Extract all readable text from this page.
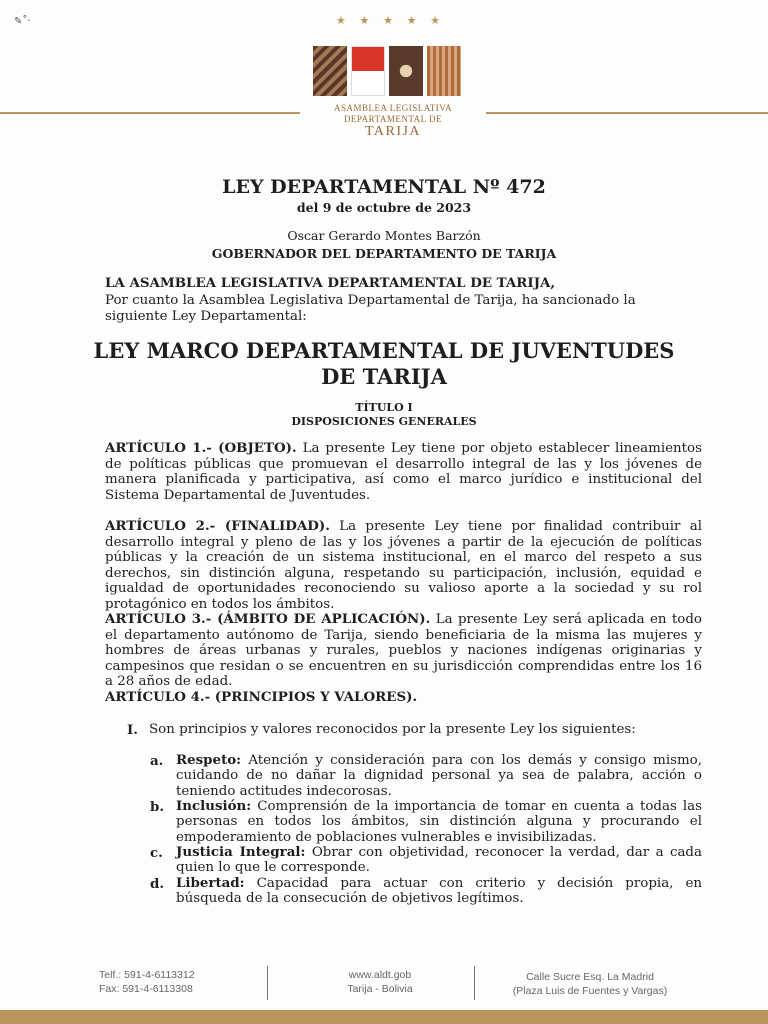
✎˚·	★ ★ ★ ★ ★
ASAMBLEA LEGISLATIVA
DEPARTAMENTAL DE
TARIJA
LEY DEPARTAMENTAL Nº 472
del 9 de octubre de 2023
Oscar Gerardo Montes Barzón
GOBERNADOR DEL DEPARTAMENTO DE TARIJA
LA ASAMBLEA LEGISLATIVA DEPARTAMENTAL DE TARIJA,
Por cuanto la Asamblea Legislativa Departamental de Tarija, ha sancionado la siguiente Ley Departamental:
LEY MARCO DEPARTAMENTAL DE JUVENTUDES
DE TARIJA
TÍTULO I
DISPOSICIONES GENERALES
ARTÍCULO 1.- (OBJETO). La presente Ley tiene por objeto establecer lineamientos de políticas públicas que promuevan el desarrollo integral de las y los jóvenes de manera planificada y participativa, así como el marco jurídico e institucional del Sistema Departamental de Juventudes.
ARTÍCULO 2.- (FINALIDAD). La presente Ley tiene por finalidad contribuir al desarrollo integral y pleno de las y los jóvenes a partir de la ejecución de políticas públicas y la creación de un sistema institucional, en el marco del respeto a sus derechos, sin distinción alguna, respetando su participación, inclusión, equidad e igualdad de oportunidades reconociendo su valioso aporte a la sociedad y su rol protagónico en todos los ámbitos.
ARTÍCULO 3.- (ÁMBITO DE APLICACIÓN). La presente Ley será aplicada en todo el departamento autónomo de Tarija, siendo beneficiaria de la misma las mujeres y hombres de áreas urbanas y rurales, pueblos y naciones indígenas originarias y campesinos que residan o se encuentren en su jurisdicción comprendidas entre los 16 a 28 años de edad.
ARTÍCULO 4.- (PRINCIPIOS Y VALORES).
I. Son principios y valores reconocidos por la presente Ley los siguientes:
a. Respeto: Atención y consideración para con los demás y consigo mismo, cuidando de no dañar la dignidad personal ya sea de palabra, acción o teniendo actitudes indecorosas.
b. Inclusión: Comprensión de la importancia de tomar en cuenta a todas las personas en todos los ámbitos, sin distinción alguna y procurando el empoderamiento de poblaciones vulnerables e invisibilizadas.
c. Justicia Integral: Obrar con objetividad, reconocer la verdad, dar a cada quien lo que le corresponde.
d. Libertad: Capacidad para actuar con criterio y decisión propia, en búsqueda de la consecución de objetivos legítimos.
Telf.: 591-4-6113312
Fax: 591-4-6113308
www.aldt.gob
Tarija - Bolivia
Calle Sucre Esq. La Madrid
(Plaza Luis de Fuentes y Vargas)
